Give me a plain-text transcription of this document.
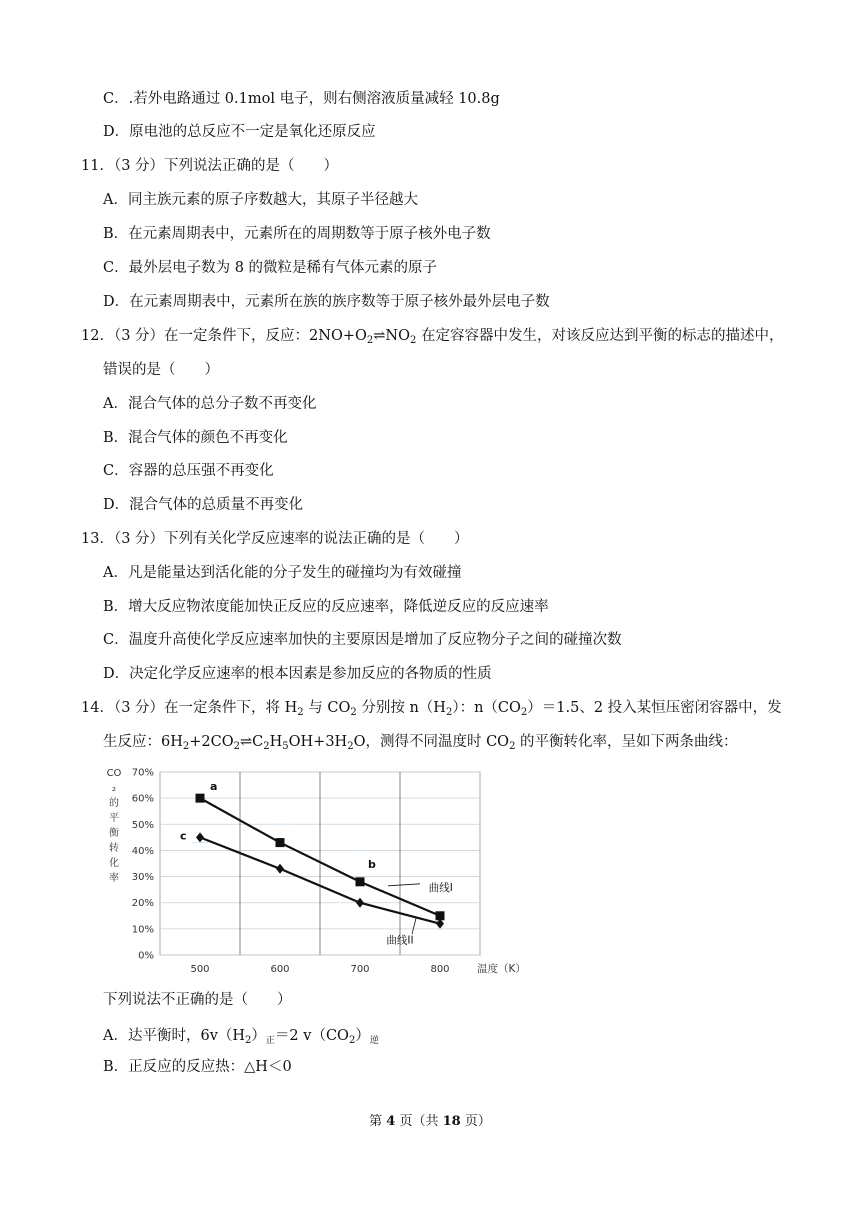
C．.若外电路通过 0.1mol 电子，则右侧溶液质量减轻 10.8g
D．原电池的总反应不一定是氧化还原反应
11．（3 分）下列说法正确的是（　　）
A．同主族元素的原子序数越大，其原子半径越大
B．在元素周期表中，元素所在的周期数等于原子核外电子数
C．最外层电子数为 8 的微粒是稀有气体元素的原子
D．在元素周期表中，元素所在族的族序数等于原子核外最外层电子数
12．（3 分）在一定条件下，反应：$2NO+O_2\rightleftharpoons NO_2$ 在定容容器中发生，对该反应达到平衡的标志的描述中，
错误的是（　　）
A．混合气体的总分子数不再变化
B．混合气体的颜色不再变化
C．容器的总压强不再变化
D．混合气体的总质量不再变化
13．（3 分）下列有关化学反应速率的说法正确的是（　　）
A．凡是能量达到活化能的分子发生的碰撞均为有效碰撞
B．增大反应物浓度能加快正反应的反应速率，降低逆反应的反应速率
C．温度升高使化学反应速率加快的主要原因是增加了反应物分子之间的碰撞次数
D．决定化学反应速率的根本因素是参加反应的各物质的性质
14．（3 分）在一定条件下，将 $H_2$ 与 $CO_2$ 分别按 $n(H_2)$：$n(CO_2)=1.5$、2 投入某恒压密闭容器中，发
生反应：$6H_2+2CO_2\rightleftharpoons C_2H_5OH+3H_2O$，测得不同温度时 $CO_2$ 的平衡转化率，呈如下两条曲线：
0%
10%
20%
30%
40%
50%
60%
70%
500	600	700	800	温度（K）
CO ₂ 的平衡转化率
曲线I
曲线II
a
b
c
下列说法不正确的是（　　）
A．达平衡时，$6v(H_2)_正=2$ $v(CO_2)_逆$
B．正反应的反应热：△H＜0
第 4 页（共 18 页）
